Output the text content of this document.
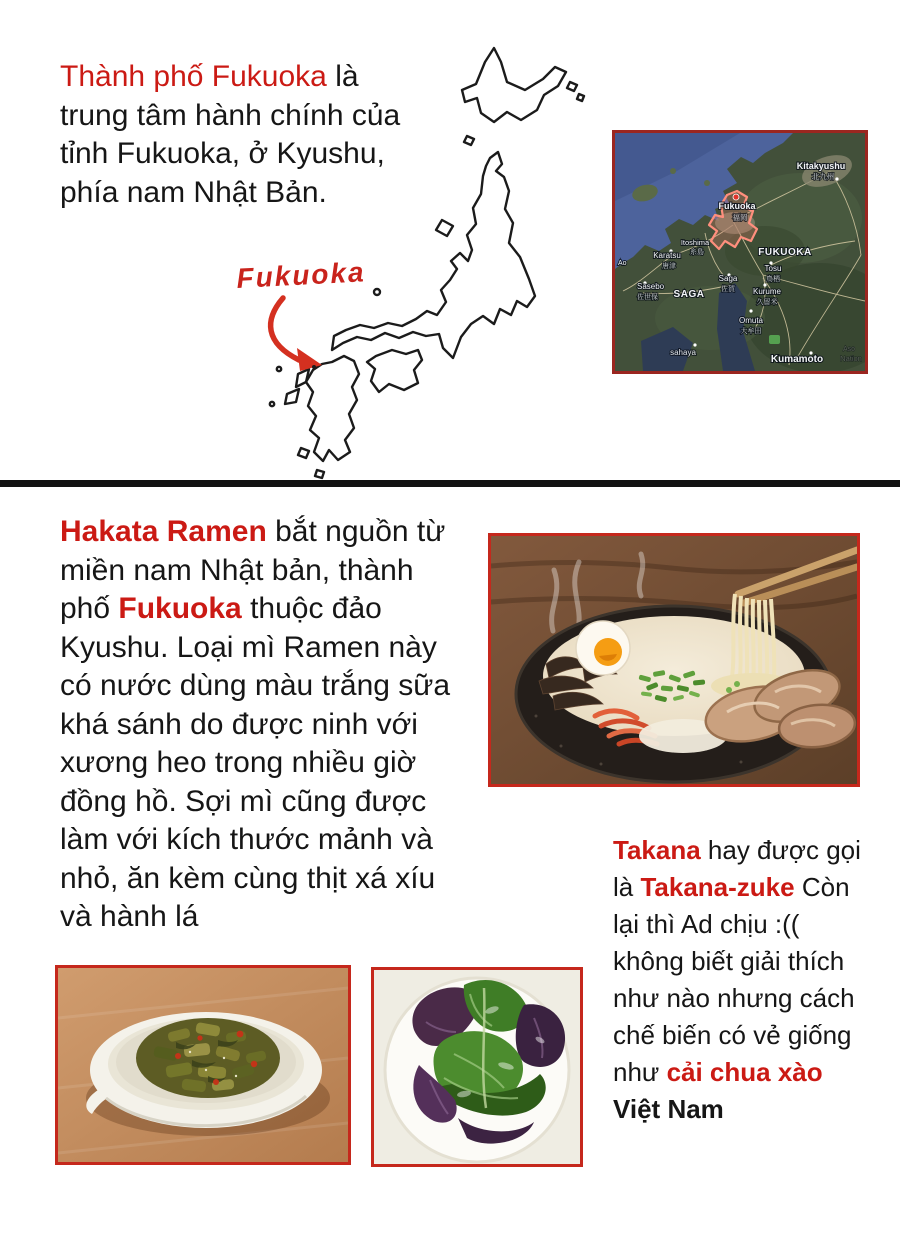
Thành phố Fukuoka là trung tâm hành chính của tỉnh Fukuoka, ở Kyushu, phía nam Nhật Bản.

Fukuoka
Kitakyushu
北九州
Fukuoka
福岡
FUKUOKA
Itoshima
糸島
Karatsu
唐津
SAGA
Saga
佐賀
Tosu
鳥栖
Kurume
久留米
Sasebo
佐世保
Omuta
大牟田
sahaya
Kumamoto
Aso
Nation
Ao

Hakata Ramen bắt nguồn từ miền nam Nhật bản, thành phố Fukuoka thuộc đảo Kyushu. Loại mì Ramen này có nước dùng màu trắng sữa khá sánh do được ninh với xương heo trong nhiều giờ đồng hồ. Sợi mì cũng được làm với kích thước mảnh và nhỏ, ăn kèm cùng thịt xá xíu và hành lá

Takana hay được gọi là Takana-zuke Còn lại thì Ad chịu :(( không biết giải thích như nào nhưng cách chế biến có vẻ giống như cải chua xào Việt Nam
